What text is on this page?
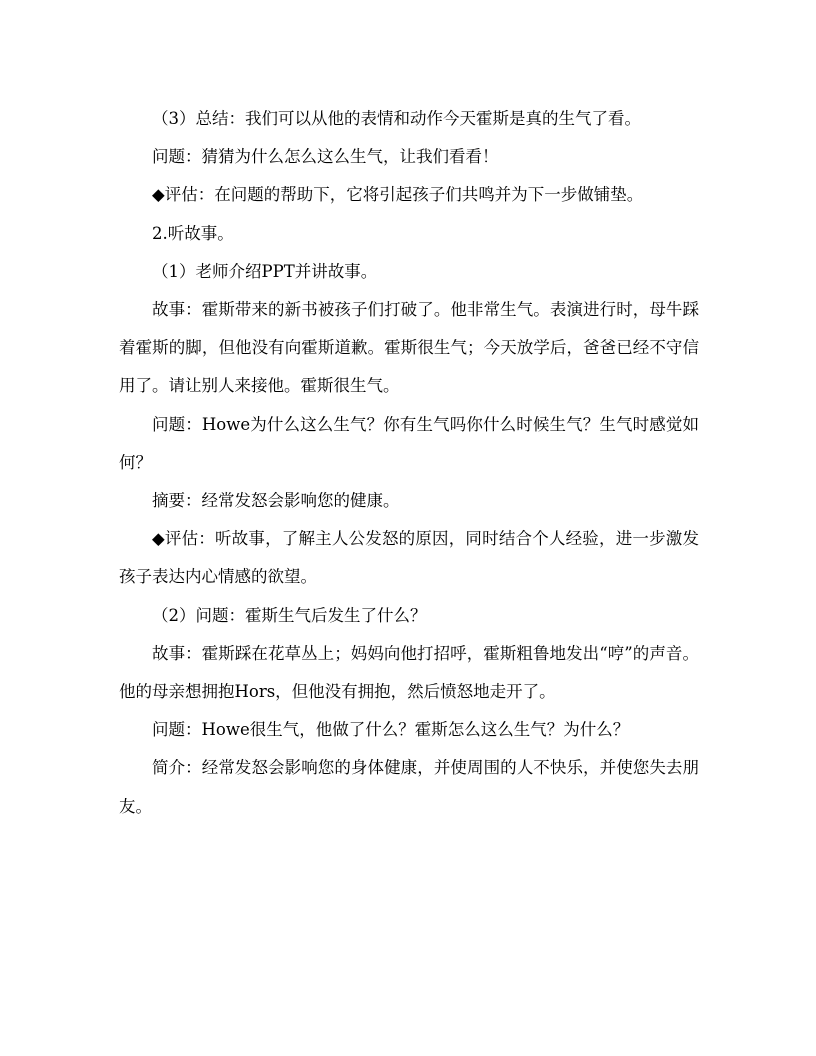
（3）总结：我们可以从他的表情和动作今天霍斯是真的生气了看。

问题：猜猜为什么怎么这么生气，让我们看看！

◆评估：在问题的帮助下，它将引起孩子们共鸣并为下一步做铺垫。

2.听故事。

（1）老师介绍PPT并讲故事。

故事：霍斯带来的新书被孩子们打破了。他非常生气。表演进行时，母牛踩着霍斯的脚，但他没有向霍斯道歉。霍斯很生气；今天放学后，爸爸已经不守信用了。请让别人来接他。霍斯很生气。

问题：Howe为什么这么生气？你有生气吗你什么时候生气？生气时感觉如何？

摘要：经常发怒会影响您的健康。

◆评估：听故事，了解主人公发怒的原因，同时结合个人经验，进一步激发孩子表达内心情感的欲望。

（2）问题：霍斯生气后发生了什么？

故事：霍斯踩在花草丛上；妈妈向他打招呼，霍斯粗鲁地发出“哼”的声音。他的母亲想拥抱Hors，但他没有拥抱，然后愤怒地走开了。

问题：Howe很生气，他做了什么？霍斯怎么这么生气？为什么？

简介：经常发怒会影响您的身体健康，并使周围的人不快乐，并使您失去朋友。
